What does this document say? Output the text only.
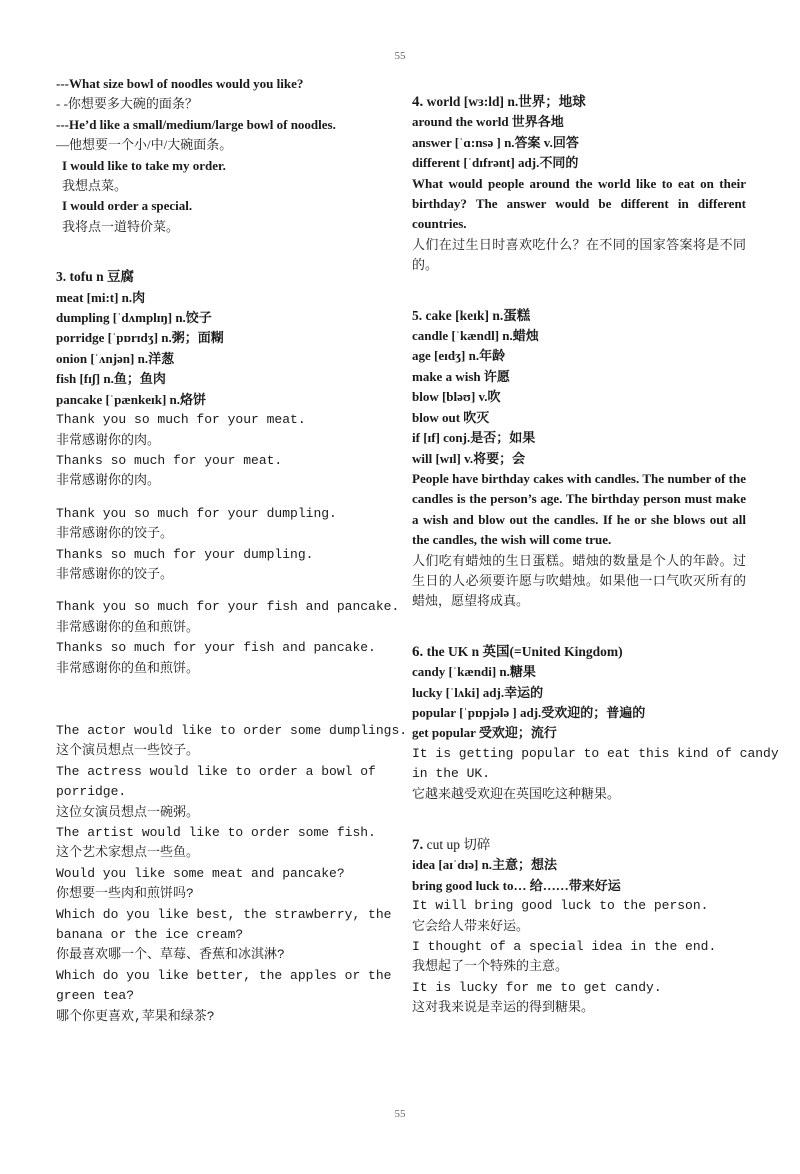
55

---What size bowl of noodles would you like?

- -你想要多大碗的面条？

---He’d like a small/medium/large bowl of noodles.

—他想要一个小/中/大碗面条。

I would like to take my order.

我想点菜。

I would order a special.

我将点一道特价菜。

3. tofu n 豆腐

meat [mi:t] n.肉

dumpling [ˈdʌmplɪŋ] n.饺子

porridge [ˈpɒrɪdʒ] n.粥；面糊

onion [ˈʌnjən] n.洋葱

fish [fɪʃ] n.鱼；鱼肉

pancake [ˈpænkeɪk] n.烙饼

Thank you so much for your meat.

非常感谢你的肉。

Thanks so much for your meat.

非常感谢你的肉。

Thank you so much for your dumpling.

非常感谢你的饺子。

Thanks so much for your dumpling.

非常感谢你的饺子。

Thank you so much for your fish and pancake.

非常感谢你的鱼和煎饼。

Thanks so much for your fish and pancake.

非常感谢你的鱼和煎饼。

The actor would like to order some dumplings.

这个演员想点一些饺子。

The actress would like to order a bowl of

porridge.

这位女演员想点一碗粥。

The artist would like to order some fish.

这个艺术家想点一些鱼。

Would you like some meat and pancake?

你想要一些肉和煎饼吗?

Which do you like best, the strawberry, the

banana or the ice cream?

你最喜欢哪一个、草莓、香蕉和冰淇淋?

Which do you like better, the apples or the

green tea?

哪个你更喜欢,苹果和绿茶?

4. world [wɜ:ld] n.世界；地球

around the world 世界各地

answer [ˈɑ:nsə ] n.答案 v.回答

different [ˈdɪfrənt] adj.不同的

What would people around the world like to eat on their birthday? The answer would be different in different countries.

人们在过生日时喜欢吃什么？在不同的国家答案将是不同的。

5. cake [keɪk] n.蛋糕

candle [ˈkændl] n.蜡烛

age [eɪdʒ] n.年龄

make a wish 许愿

blow [bləʊ] v.吹

blow out 吹灭

if [ɪf] conj.是否；如果

will [wɪl] v.将要；会

People have birthday cakes with candles. The number of the candles is the person’s age. The birthday person must make a wish and blow out the candles. If he or she blows out all the candles, the wish will come true.

人们吃有蜡烛的生日蛋糕。蜡烛的数量是个人的年龄。过生日的人必须要许愿与吹蜡烛。如果他一口气吹灭所有的蜡烛，愿望将成真。

6. the UK n 英国(=United Kingdom)

candy [ˈkændi] n.糖果

lucky [ˈlʌki] adj.幸运的

popular [ˈpɒpjələ ] adj.受欢迎的；普遍的

get popular 受欢迎；流行

It is getting popular to eat this kind of candy

in the UK.

它越来越受欢迎在英国吃这种糖果。

7. cut up 切碎

idea [aɪˈdɪə] n.主意；想法

bring good luck to… 给……带来好运

It will bring good luck to the person.

它会给人带来好运。

I thought of a special idea in the end.

我想起了一个特殊的主意。

It is lucky for me to get candy.

这对我来说是幸运的得到糖果。

55
